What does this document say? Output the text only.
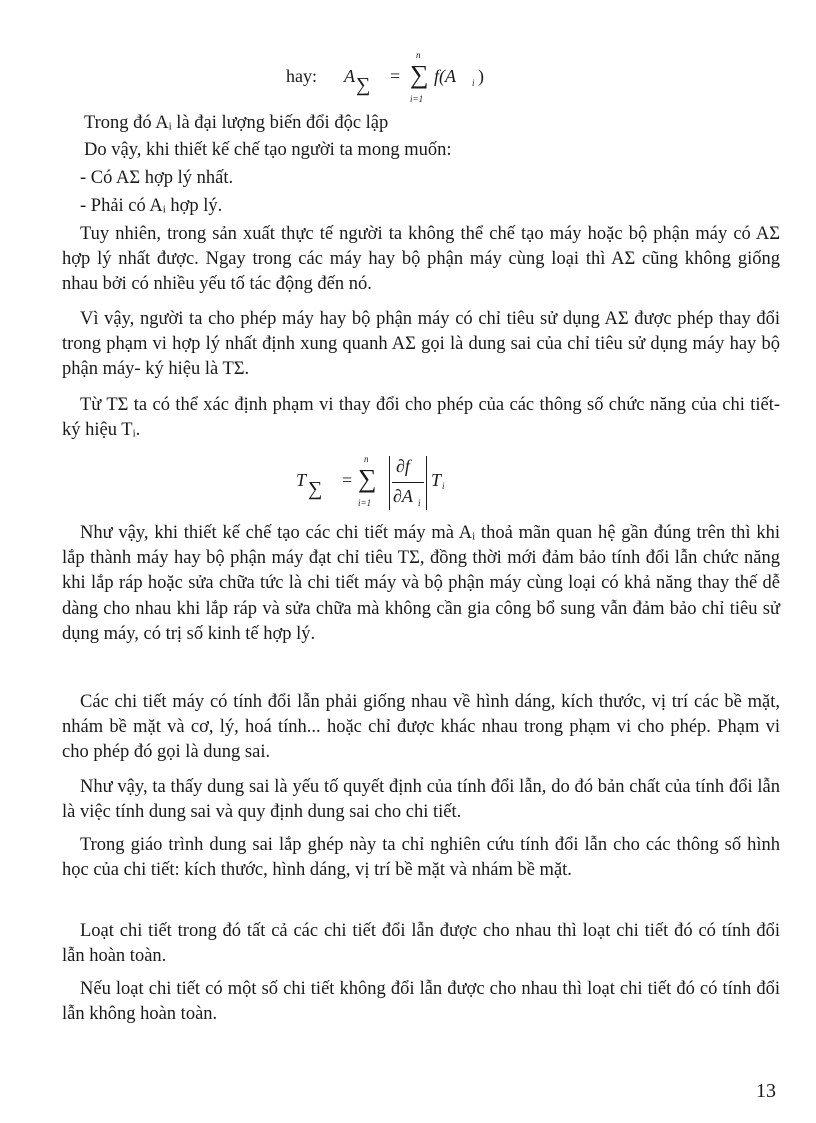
hay: A ∑ =
n
∑
i=1
f(A i )
Trong đó Aᵢ là đại lượng biến đổi độc lập
Do vậy, khi thiết kế chế tạo người ta mong muốn:
- Có AΣ hợp lý nhất.
- Phải có Aᵢ hợp lý.
Tuy nhiên, trong sản xuất thực tế người ta không thể chế tạo máy hoặc bộ phận máy có AΣ hợp lý nhất được. Ngay trong các máy hay bộ phận máy cùng loại thì AΣ cũng không giống nhau bởi có nhiều yếu tố tác động đến nó.
Vì vậy, người ta cho phép máy hay bộ phận máy có chỉ tiêu sử dụng AΣ được phép thay đổi trong phạm vi hợp lý nhất định xung quanh AΣ gọi là dung sai của chỉ tiêu sử dụng máy hay bộ phận máy- ký hiệu là TΣ.
Từ TΣ ta có thể xác định phạm vi thay đổi cho phép của các thông số chức năng của chi tiết- ký hiệu Tᵢ.
T ∑ =
n
∑
i=1
∂f
∂A i
T i
Như vậy, khi thiết kế chế tạo các chi tiết máy mà Aᵢ thoả mãn quan hệ gần đúng trên thì khi lắp thành máy hay bộ phận máy đạt chỉ tiêu TΣ, đồng thời mới đảm bảo tính đổi lẫn chức năng khi lắp ráp hoặc sửa chữa tức là chi tiết máy và bộ phận máy cùng loại có khả năng thay thế dễ dàng cho nhau khi lắp ráp và sửa chữa mà không cần gia công bổ sung vẫn đảm bảo chỉ tiêu sử dụng máy, có trị số kinh tế hợp lý.
Các chi tiết máy có tính đổi lẫn phải giống nhau về hình dáng, kích thước, vị trí các bề mặt, nhám bề mặt và cơ, lý, hoá tính... hoặc chỉ được khác nhau trong phạm vi cho phép. Phạm vi cho phép đó gọi là dung sai.
Như vậy, ta thấy dung sai là yếu tố quyết định của tính đổi lẫn, do đó bản chất của tính đổi lẫn là việc tính dung sai và quy định dung sai cho chi tiết.
Trong giáo trình dung sai lắp ghép này ta chỉ nghiên cứu tính đổi lẫn cho các thông số hình học của chi tiết: kích thước, hình dáng, vị trí bề mặt và nhám bề mặt.
Loạt chi tiết trong đó tất cả các chi tiết đổi lẫn được cho nhau thì loạt chi tiết đó có tính đổi lẫn hoàn toàn.
Nếu loạt chi tiết có một số chi tiết không đổi lẫn được cho nhau thì loạt chi tiết đó có tính đổi lẫn không hoàn toàn.
13
